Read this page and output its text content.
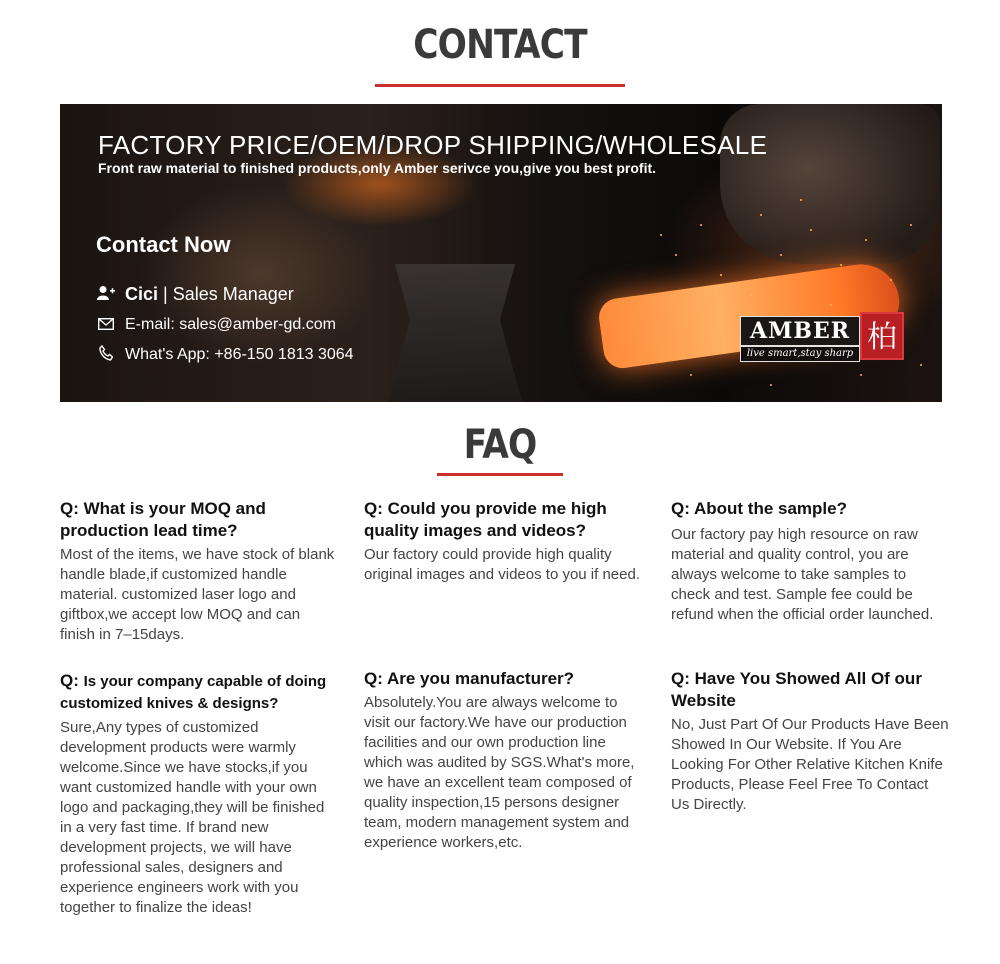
CONTACT
FACTORY PRICE/OEM/DROP SHIPPING/WHOLESALE
Front raw material to finished products,only Amber serivce you,give you best profit.
Contact Now
Cici
| Sales Manager
E-mail: sales@amber-gd.com
What's App: +86-150 1813 3064
AMBER
live smart,stay sharp 柏
FAQ

Q: What is your MOQ and production lead time?

Most of the items, we have stock of blank handle blade,if customized handle material. customized laser logo and giftbox,we accept low MOQ and can finish in 7–15days.

Q: Could you provide me high quality images and videos?

Our factory could provide high quality original images and videos to you if need.

Q: About the sample?

Our factory pay high resource on raw material and quality control, you are always welcome to take samples to check and test. Sample fee could be refund when the official order launched.

Q: Is your company capable of doing customized knives & designs?

Sure,Any types of customized development products were warmly welcome.Since we have stocks,if you want customized handle with your own logo and packaging,they will be finished in a very fast time. If brand new development projects, we will have professional sales, designers and experience engineers work with you together to finalize the ideas!

Q: Are you manufacturer?

Absolutely.You are always welcome to visit our factory.We have our production facilities and our own production line which was audited by SGS.What's more, we have an excellent team composed of quality inspection,15 persons designer team, modern management system and experience workers,etc.

Q: Have You Showed All Of our Website

No, Just Part Of Our Products Have Been Showed In Our Website. If You Are Looking For Other Relative Kitchen Knife Products, Please Feel Free To Contact Us Directly.
